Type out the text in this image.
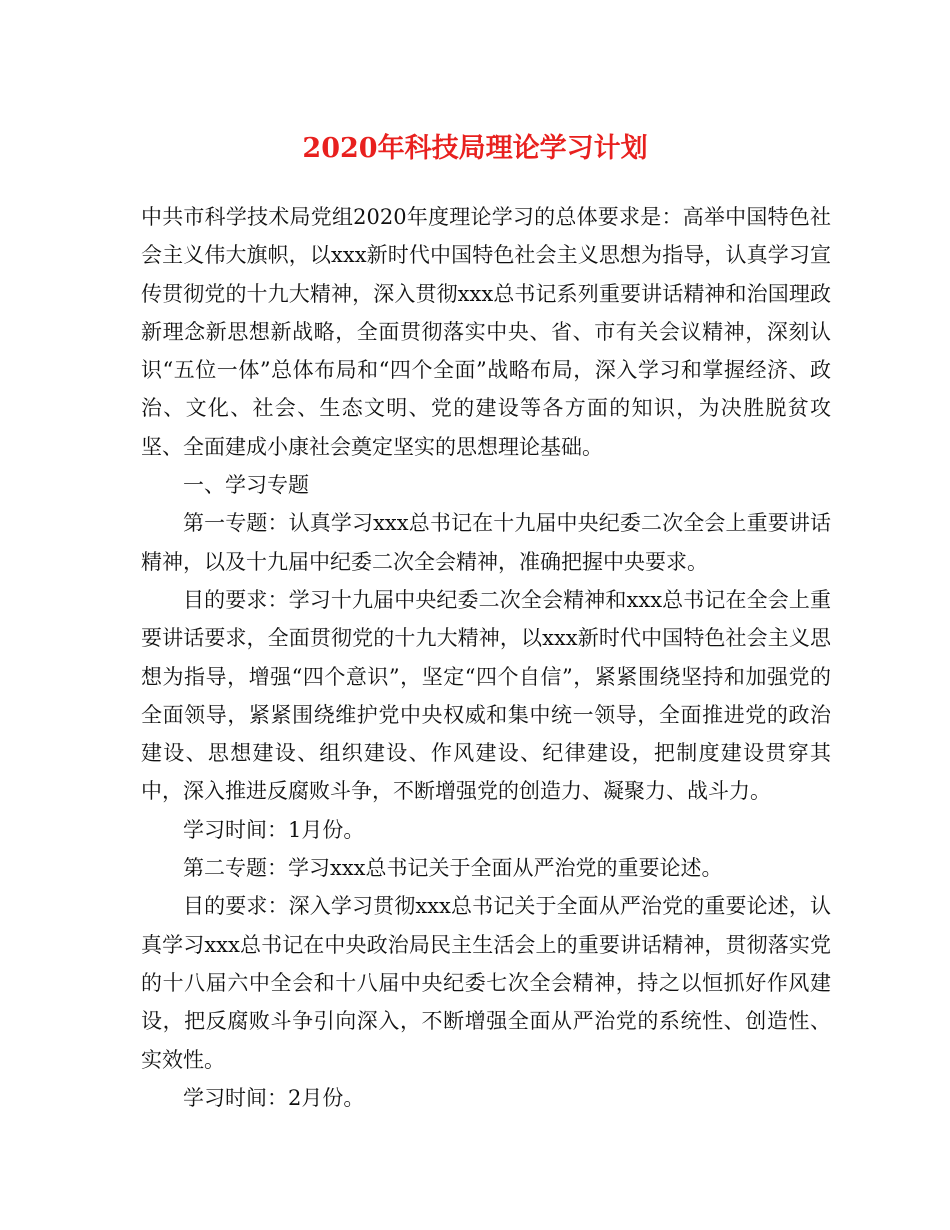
2020年科技局理论学习计划

中共市科学技术局党组2020年度理论学习的总体要求是：高举中国特色社会主义伟大旗帜，以xxx新时代中国特色社会主义思想为指导，认真学习宣传贯彻党的十九大精神，深入贯彻xxx总书记系列重要讲话精神和治国理政新理念新思想新战略，全面贯彻落实中央、省、市有关会议精神，深刻认识“五位一体”总体布局和“四个全面”战略布局，深入学习和掌握经济、政治、文化、社会、生态文明、党的建设等各方面的知识，为决胜脱贫攻坚、全面建成小康社会奠定坚实的思想理论基础。

一、学习专题

第一专题：认真学习xxx总书记在十九届中央纪委二次全会上重要讲话精神，以及十九届中纪委二次全会精神，准确把握中央要求。

目的要求：学习十九届中央纪委二次全会精神和xxx总书记在全会上重要讲话要求，全面贯彻党的十九大精神，以xxx新时代中国特色社会主义思想为指导，增强“四个意识”，坚定“四个自信”，紧紧围绕坚持和加强党的全面领导，紧紧围绕维护党中央权威和集中统一领导，全面推进党的政治建设、思想建设、组织建设、作风建设、纪律建设，把制度建设贯穿其中，深入推进反腐败斗争，不断增强党的创造力、凝聚力、战斗力。

学习时间：1月份。

第二专题：学习xxx总书记关于全面从严治党的重要论述。

目的要求：深入学习贯彻xxx总书记关于全面从严治党的重要论述，认真学习xxx总书记在中央政治局民主生活会上的重要讲话精神，贯彻落实党的十八届六中全会和十八届中央纪委七次全会精神，持之以恒抓好作风建设，把反腐败斗争引向深入，不断增强全面从严治党的系统性、创造性、实效性。

学习时间：2月份。
